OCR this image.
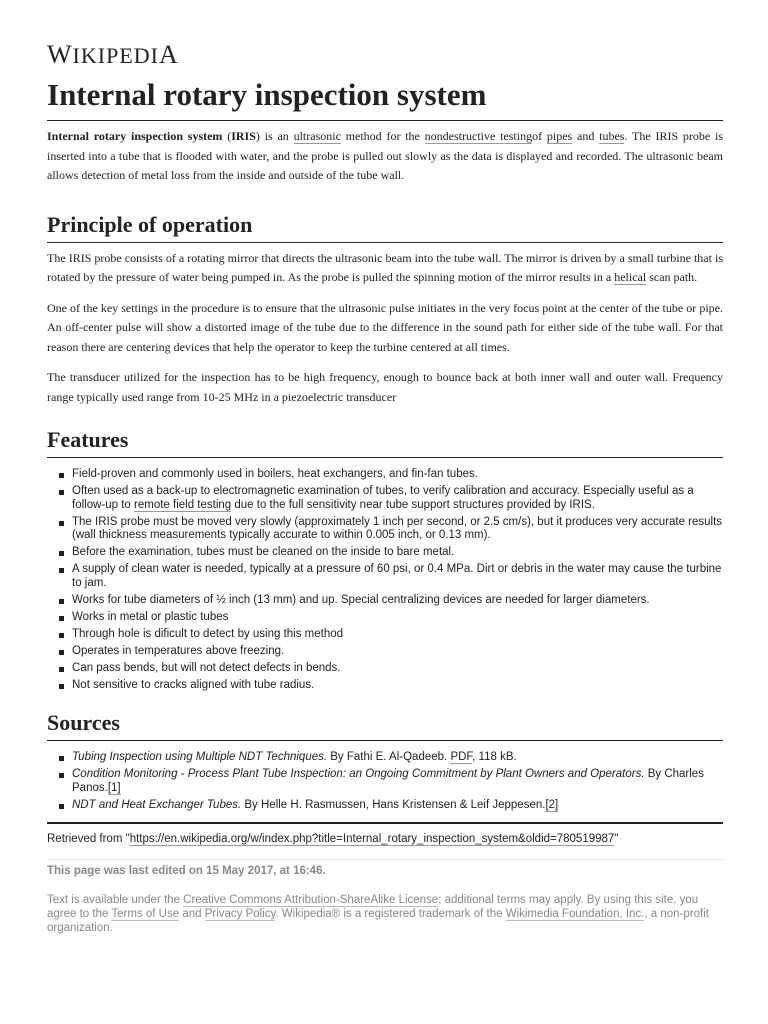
WIKIPEDIA
Internal rotary inspection system

Internal rotary inspection system (IRIS) is an ultrasonic method for the nondestructive testingof pipes and tubes. The IRIS probe is inserted into a tube that is flooded with water, and the probe is pulled out slowly as the data is displayed and recorded. The ultrasonic beam allows detection of metal loss from the inside and outside of the tube wall.

Principle of operation

The IRIS probe consists of a rotating mirror that directs the ultrasonic beam into the tube wall. The mirror is driven by a small turbine that is rotated by the pressure of water being pumped in. As the probe is pulled the spinning motion of the mirror results in a helical scan path.

One of the key settings in the procedure is to ensure that the ultrasonic pulse initiates in the very focus point at the center of the tube or pipe. An off-center pulse will show a distorted image of the tube due to the difference in the sound path for either side of the tube wall. For that reason there are centering devices that help the operator to keep the turbine centered at all times.

The transducer utilized for the inspection has to be high frequency, enough to bounce back at both inner wall and outer wall. Frequency range typically used range from 10-25 MHz in a piezoelectric transducer

Features
Field-proven and commonly used in boilers, heat exchangers, and fin-fan tubes.
Often used as a back-up to electromagnetic examination of tubes, to verify calibration and accuracy. Especially useful as a follow-up to remote field testing due to the full sensitivity near tube support structures provided by IRIS.
The IRIS probe must be moved very slowly (approximately 1 inch per second, or 2.5 cm/s), but it produces very accurate results (wall thickness measurements typically accurate to within 0.005 inch, or 0.13 mm).
Before the examination, tubes must be cleaned on the inside to bare metal.
A supply of clean water is needed, typically at a pressure of 60 psi, or 0.4 MPa. Dirt or debris in the water may cause the turbine to jam.
Works for tube diameters of ½ inch (13 mm) and up. Special centralizing devices are needed for larger diameters.
Works in metal or plastic tubes
Through hole is dificult to detect by using this method
Operates in temperatures above freezing.
Can pass bends, but will not detect defects in bends.
Not sensitive to cracks aligned with tube radius.
Sources
Tubing Inspection using Multiple NDT Techniques. By Fathi E. Al-Qadeeb. PDF, 118 kB.
Condition Monitoring - Process Plant Tube Inspection: an Ongoing Commitment by Plant Owners and Operators. By Charles Panos.[1]
NDT and Heat Exchanger Tubes. By Helle H. Rasmussen, Hans Kristensen & Leif Jeppesen.[2]
Retrieved from "https://en.wikipedia.org/w/index.php?title=Internal_rotary_inspection_system&oldid=780519987"
This page was last edited on 15 May 2017, at 16:46.
Text is available under the Creative Commons Attribution-ShareAlike License; additional terms may apply. By using this site, you agree to the Terms of Use and Privacy Policy. Wikipedia® is a registered trademark of the Wikimedia Foundation, Inc., a non-profit organization.
